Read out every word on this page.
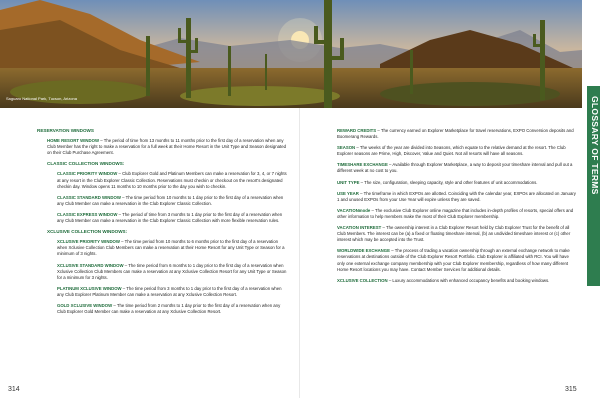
Saguaro National Park, Tucson, Arizona	GLOSSARY OF TERMS
RESERVATION WINDOWS
HOME RESORT WINDOW – The period of time from 13 months to 11 months prior to the first day of a reservation when any Club Member has the right to make a reservation for a full week at their Home Resort in the Unit Type and Season designated on their Club Purchase Agreement.
CLASSIC COLLECTION WINDOWS:
CLASSIC PRIORITY WINDOW – Club Explorer Gold and Platinum Members can make a reservation for 3, 4, or 7 nights at any resort in the Club Explorer Classic Collection. Reservations must checkin or checkout on the resort's designated checkin day. Window opens 11 months to 10 months prior to the day you wish to checkin.
CLASSIC STANDARD WINDOW – The time period from 10 months to 1 day prior to the first day of a reservation when any Club Member can make a reservation in the Club Explorer Classic Collection.
CLASSIC EXPRESS WINDOW – The period of time from 3 months to 1 day prior to the first day of a reservation when any Club Member can make a reservation in the Club Explorer Classic Collection with more flexible reservation rules.
XCLUSIVE COLLECTION WINDOWS:
XCLUSIVE PRIORITY WINDOW – The time period from 10 months to 6 months prior to the first day of a reservation when Xclusive Collection Club Members can make a reservation at their Home Resort for any Unit Type or Season for a minimum of 3 nights.
XCLUSIVE STANDARD WINDOW – The time period from 6 months to 1 day prior to the first day of a reservation when Xclusive Collection Club Members can make a reservation at any Xclusive Collection Resort for any Unit Type or Season for a minimum for 3 nights.
PLATINUM XCLUSIVE WINDOW – The time period from 3 months to 1 day prior to the first day of a reservation when any Club Explorer Platinum Member can make a reservation at any Xclusive Collection Resort.
GOLD XCLUSIVE WINDOW – The time period from 2 months to 1 day prior to the first day of a reservation when any Club Explorer Gold Member can make a reservation at any Xclusive Collection Resort.
REWARD CREDITS – The currency earned on Explorer Marketplace for travel reservations, EXPO Conversion deposits and Boomerang Rewards.
SEASON – The weeks of the year are divided into Seasons, which equate to the relative demand at the resort. The Club Explorer seasons are Prime, High, Discover, Value and Quiet. Not all resorts will have all seasons.
TIMESHARE EXCHANGE – Available through Explorer Marketplace, a way to deposit your timeshare interval and pull out a different week at no cost to you.
UNIT TYPE – The size, configuration, sleeping capacity, style and other features of unit accommodations.
USE YEAR – The timeframe in which EXPOs are allotted. Coinciding with the calendar year, EXPOs are allocated on January 1 and unused EXPOs from your Use Year will expire unless they are saved.
VACATIONmode – The exclusive Club Explorer online magazine that includes in-depth profiles of resorts, special offers and other information to help members make the most of their Club Explorer membership.
VACATION INTEREST – The ownership interest in a Club Explorer Resort held by Club Explorer Trust for the benefit of all Club Members. The interest can be (a) a fixed or floating timeshare interval, (b) an undivided timeshare interest or (c) other interest which may be accepted into the Trust.
WORLDWIDE EXCHANGE – The process of trading a vacation ownership through an external exchange network to make reservations at destinations outside of the Club Explorer Resort Portfolio. Club Explorer is affiliated with RCI. You will have only one external exchange company membership with your Club Explorer membership, regardless of how many different Home Resort locations you may have. Contact Member Services for additional details.
XCLUSIVE COLLECTION – Luxury accommodations with enhanced occupancy benefits and booking windows.
314	315
